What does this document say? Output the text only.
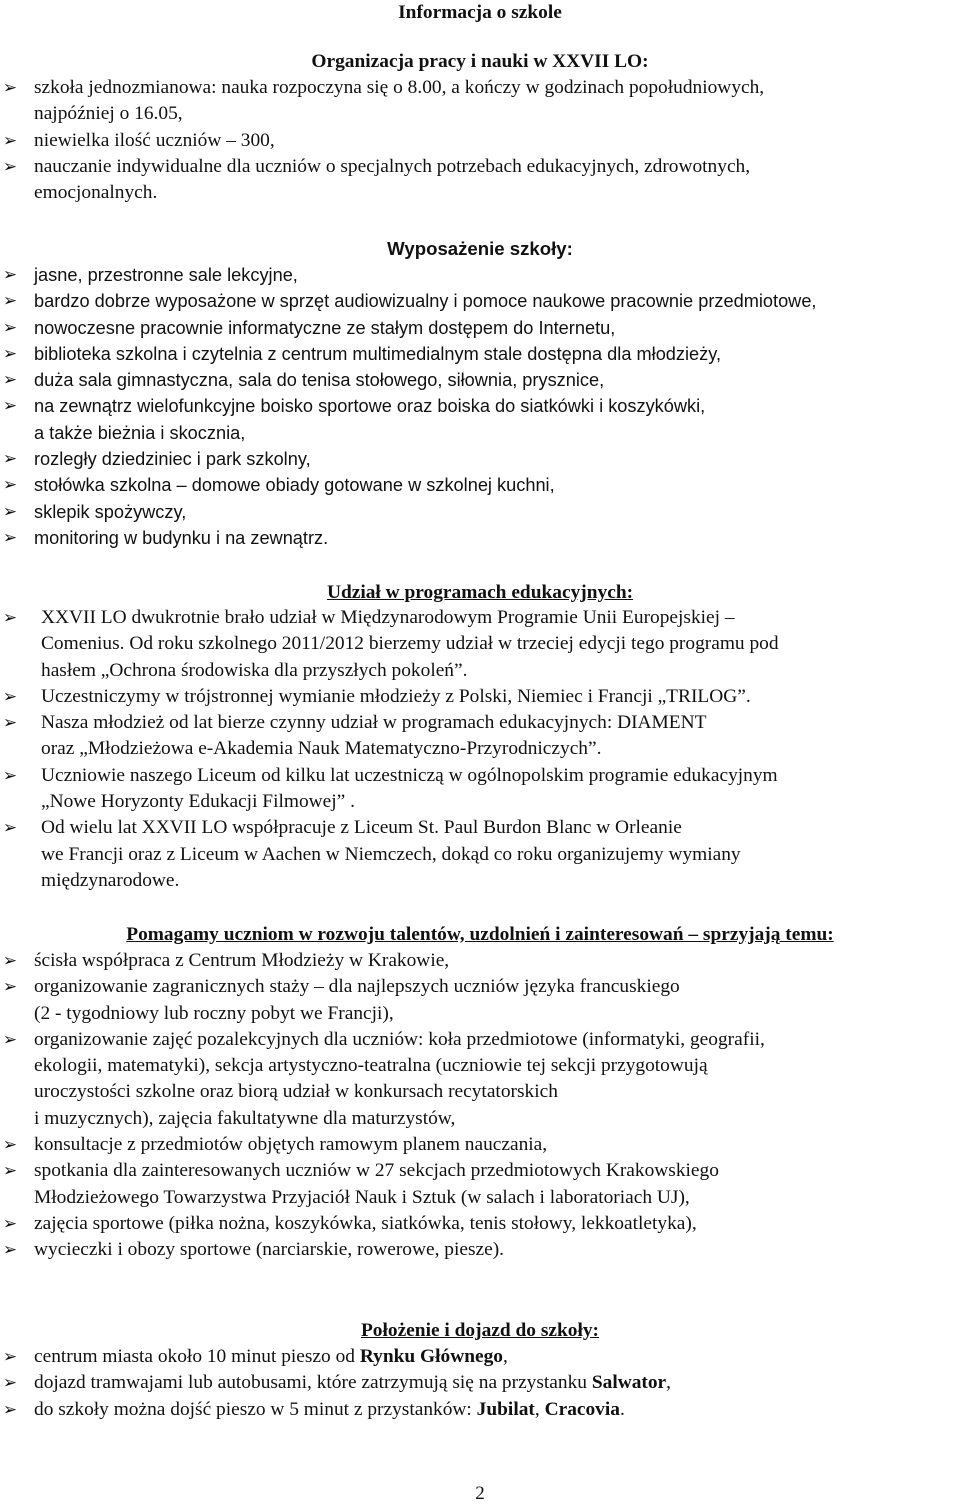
Informacja o szkole
Organizacja pracy i nauki w XXVII LO:
➢ szkoła jednozmianowa: nauka rozpoczyna się o 8.00, a kończy w godzinach popołudniowych,
najpóźniej o 16.05,
➢ niewielka ilość uczniów – 300,
➢ nauczanie indywidualne dla uczniów o specjalnych potrzebach edukacyjnych, zdrowotnych,
emocjonalnych.
Wyposażenie szkoły:
➢ jasne, przestronne sale lekcyjne,
➢ bardzo dobrze wyposażone w sprzęt audiowizualny i pomoce naukowe pracownie przedmiotowe,
➢ nowoczesne pracownie informatyczne ze stałym dostępem do Internetu,
➢ biblioteka szkolna i czytelnia z centrum multimedialnym stale dostępna dla młodzieży,
➢ duża sala gimnastyczna, sala do tenisa stołowego, siłownia, prysznice,
➢ na zewnątrz wielofunkcyjne boisko sportowe oraz boiska do siatkówki i koszykówki,
a także bieżnia i skocznia,
➢ rozległy dziedziniec i park szkolny,
➢ stołówka szkolna – domowe obiady gotowane w szkolnej kuchni,
➢ sklepik spożywczy,
➢ monitoring w budynku i na zewnątrz.
Udział w programach edukacyjnych:
➢ XXVII LO dwukrotnie brało udział w Międzynarodowym Programie Unii Europejskiej –
Comenius. Od roku szkolnego 2011/2012 bierzemy udział w trzeciej edycji tego programu pod
hasłem „Ochrona środowiska dla przyszłych pokoleń”.
➢ Uczestniczymy w trójstronnej wymianie młodzieży z Polski, Niemiec i Francji „TRILOG”.
➢ Nasza młodzież od lat bierze czynny udział w programach edukacyjnych: DIAMENT
oraz „Młodzieżowa e-Akademia Nauk Matematyczno-Przyrodniczych”.
➢ Uczniowie naszego Liceum od kilku lat uczestniczą w ogólnopolskim programie edukacyjnym
„Nowe Horyzonty Edukacji Filmowej” .
➢ Od wielu lat XXVII LO współpracuje z Liceum St. Paul Burdon Blanc w Orleanie
we Francji oraz z Liceum w Aachen w Niemczech, dokąd co roku organizujemy wymiany
międzynarodowe.
Pomagamy uczniom w rozwoju talentów, uzdolnień i zainteresowań – sprzyjają temu:
➢ ścisła współpraca z Centrum Młodzieży w Krakowie,
➢ organizowanie zagranicznych staży – dla najlepszych uczniów języka francuskiego
(2 - tygodniowy lub roczny pobyt we Francji),
➢ organizowanie zajęć pozalekcyjnych dla uczniów: koła przedmiotowe (informatyki, geografii,
ekologii, matematyki), sekcja artystyczno-teatralna (uczniowie tej sekcji przygotowują
uroczystości szkolne oraz biorą udział w konkursach recytatorskich
i muzycznych), zajęcia fakultatywne dla maturzystów,
➢ konsultacje z przedmiotów objętych ramowym planem nauczania,
➢ spotkania dla zainteresowanych uczniów w 27 sekcjach przedmiotowych Krakowskiego
Młodzieżowego Towarzystwa Przyjaciół Nauk i Sztuk (w salach i laboratoriach UJ),
➢ zajęcia sportowe (piłka nożna, koszykówka, siatkówka, tenis stołowy, lekkoatletyka),
➢ wycieczki i obozy sportowe (narciarskie, rowerowe, piesze).
Położenie i dojazd do szkoły:
➢ centrum miasta około 10 minut pieszo od Rynku Głównego,
➢ dojazd tramwajami lub autobusami, które zatrzymują się na przystanku Salwator,
➢ do szkoły można dojść pieszo w 5 minut z przystanków: Jubilat, Cracovia.
2
